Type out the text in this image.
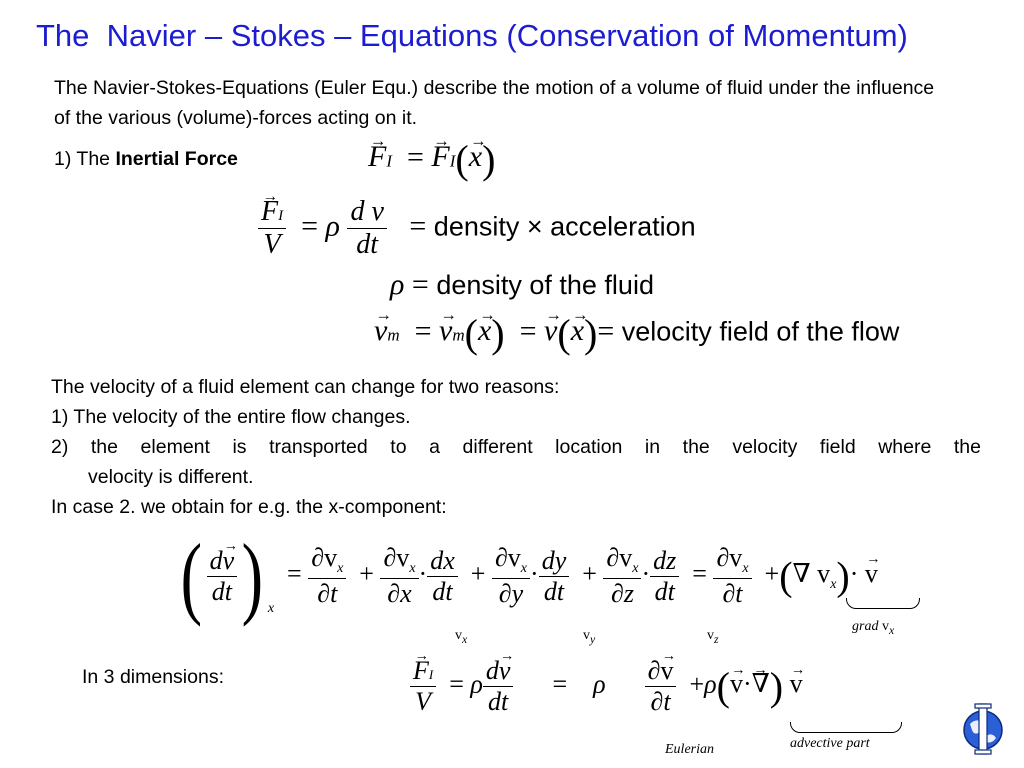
The  Navier – Stokes – Equations (Conservation of Momentum)
The Navier-Stokes-Equations (Euler Equ.) describe the motion of a volume of fluid under the influence of the various (volume)-forces acting on it.
1) The Inertial Force	→ FI  = → FI(→ x)
→ $\frac{FI}{V} = \rho \frac{\text{d v}}{dt}$ = density × acceleration
ρ = density of the fluid
→ vm  = → vm(→ x)  = → v(→ x)= velocity field of the flow
The velocity of a fluid element can change for two reasons:
1) The velocity of the entire flow changes.
2) the element is transported to a different location in the velocity field where the
velocity is different.
In case 2. we obtain for e.g. the x-component:
( $\frac{d\to v}{dt}$ ) $_x = \frac{\partial v_x}{\partial t} + \frac{\partial v_x}{\partial x} \cdot \frac{dx}{dt} + \frac{\partial v_x}{\partial y} \cdot \frac{dy}{dt} + \frac{\partial v_x}{\partial z} \cdot \frac{dz}{dt} = \frac{\partial v_x}{\partial t}$ +(∇ $v_x)\cdot \to v$
$v_x$	$v_y$	$v_z$
grad $v_x$
In 3 dimensions:	→ $\frac{FI}{V} = \rho \frac{d\to v}{dt}$ =    ρ $\frac{\partial\to v}{\partial t} +\rho(\to v\cdot\to$ ∇) → v
Eulerian	advective part
